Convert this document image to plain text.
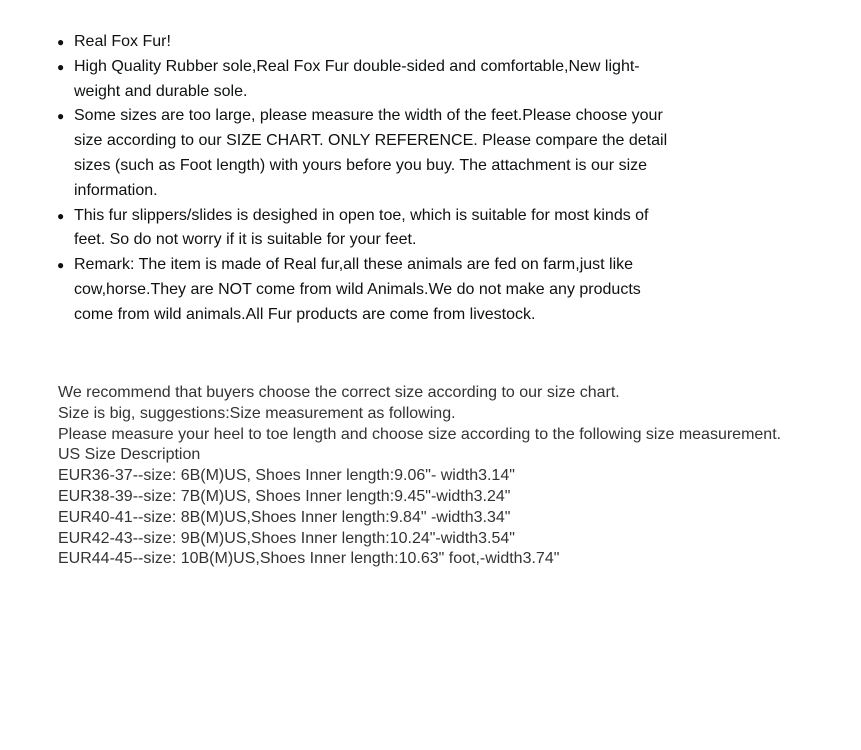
● Real Fox Fur!
● High Quality Rubber sole,Real Fox Fur double-sided and comfortable,New light-weight and durable sole.
● Some sizes are too large, please measure the width of the feet.Please choose your size according to our SIZE CHART. ONLY REFERENCE. Please compare the detail sizes (such as Foot length) with yours before you buy. The attachment is our size information.
● This fur slippers/slides is desighed in open toe, which is suitable for most kinds of feet. So do not worry if it is suitable for your feet.
● Remark: The item is made of Real fur,all these animals are fed on farm,just like cow,horse.They are NOT come from wild Animals.We do not make any products come from wild animals.All Fur products are come from livestock.
We recommend that buyers choose the correct size according to our size chart.
Size is big, suggestions:Size measurement as following.
Please measure your heel to toe length and choose size according to the following size measurement.
US Size Description
EUR36-37--size: 6B(M)US, Shoes Inner length:9.06"- width3.14"
EUR38-39--size: 7B(M)US, Shoes Inner length:9.45"-width3.24"
EUR40-41--size: 8B(M)US,Shoes Inner length:9.84" -width3.34"
EUR42-43--size: 9B(M)US,Shoes Inner length:10.24"-width3.54"
EUR44-45--size: 10B(M)US,Shoes Inner length:10.63" foot,-width3.74"
